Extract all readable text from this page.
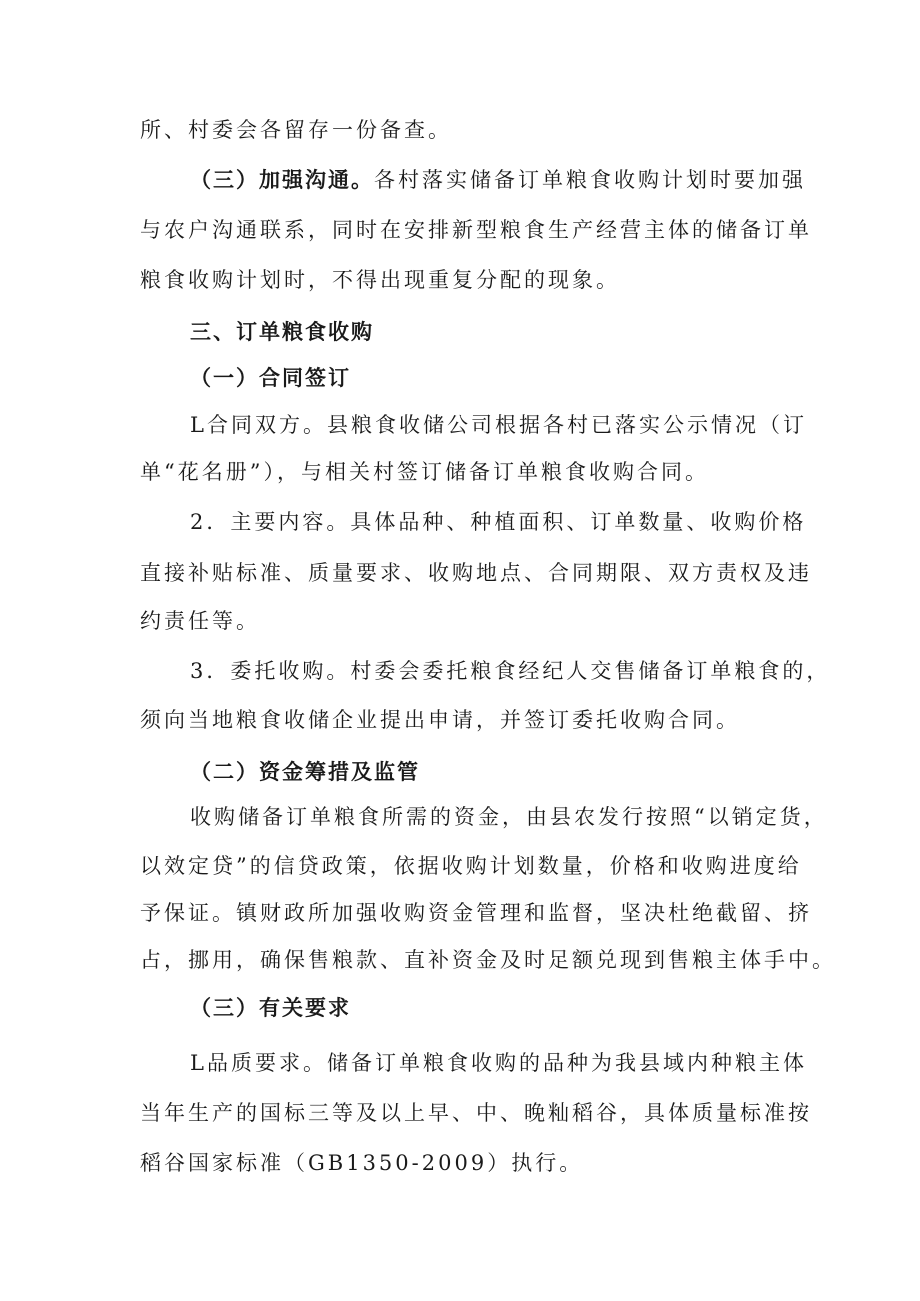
所、村委会各留存一份备查。
（三）加强沟通。各村落实储备订单粮食收购计划时要加强
与农户沟通联系，同时在安排新型粮食生产经营主体的储备订单
粮食收购计划时，不得出现重复分配的现象。
三、订单粮食收购
（一）合同签订
L合同双方。县粮食收储公司根据各村已落实公示情况（订
单“花名册”），与相关村签订储备订单粮食收购合同。
2．主要内容。具体品种、种植面积、订单数量、收购价格
直接补贴标准、质量要求、收购地点、合同期限、双方责权及违
约责任等。
3．委托收购。村委会委托粮食经纪人交售储备订单粮食的，
须向当地粮食收储企业提出申请，并签订委托收购合同。
（二）资金筹措及监管
收购储备订单粮食所需的资金，由县农发行按照“以销定货，
以效定贷”的信贷政策，依据收购计划数量，价格和收购进度给
予保证。镇财政所加强收购资金管理和监督，坚决杜绝截留、挤
占，挪用，确保售粮款、直补资金及时足额兑现到售粮主体手中。
（三）有关要求
L品质要求。储备订单粮食收购的品种为我县域内种粮主体
当年生产的国标三等及以上早、中、晚籼稻谷，具体质量标准按
稻谷国家标准（GB1350-2009）执行。
